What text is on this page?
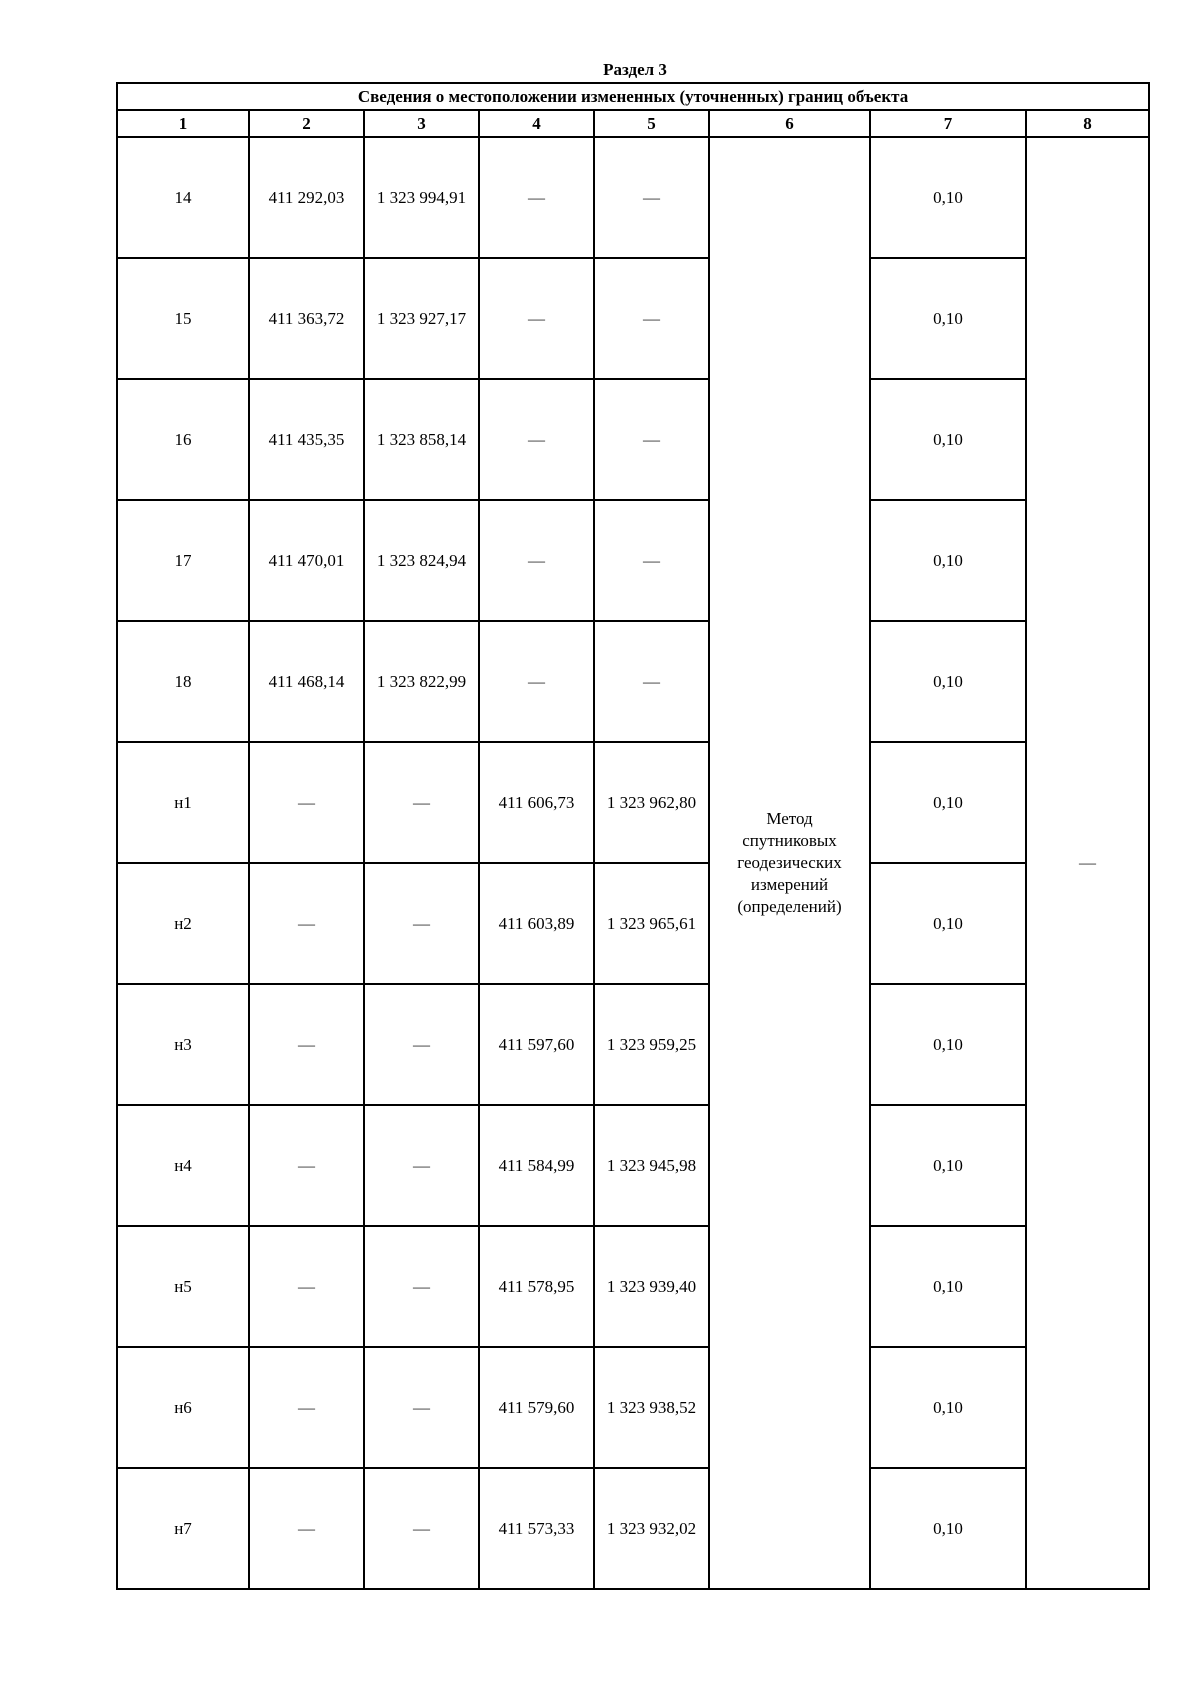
Раздел 3
Сведения о местоположении измененных (уточненных) границ объекта							
1	2	3	4	5	6	7	8
14	411 292,03	1 323 994,91	—	—	Метод
спутниковых
геодезических
измерений
(определений)	0,10	—
15	411 363,72	1 323 927,17	—	—		0,10	
16	411 435,35	1 323 858,14	—	—		0,10	
17	411 470,01	1 323 824,94	—	—		0,10	
18	411 468,14	1 323 822,99	—	—		0,10	
н1	—	—	411 606,73	1 323 962,80		0,10	
н2	—	—	411 603,89	1 323 965,61		0,10	
н3	—	—	411 597,60	1 323 959,25		0,10	
н4	—	—	411 584,99	1 323 945,98		0,10	
н5	—	—	411 578,95	1 323 939,40		0,10	
н6	—	—	411 579,60	1 323 938,52		0,10	
н7	—	—	411 573,33	1 323 932,02		0,10	
